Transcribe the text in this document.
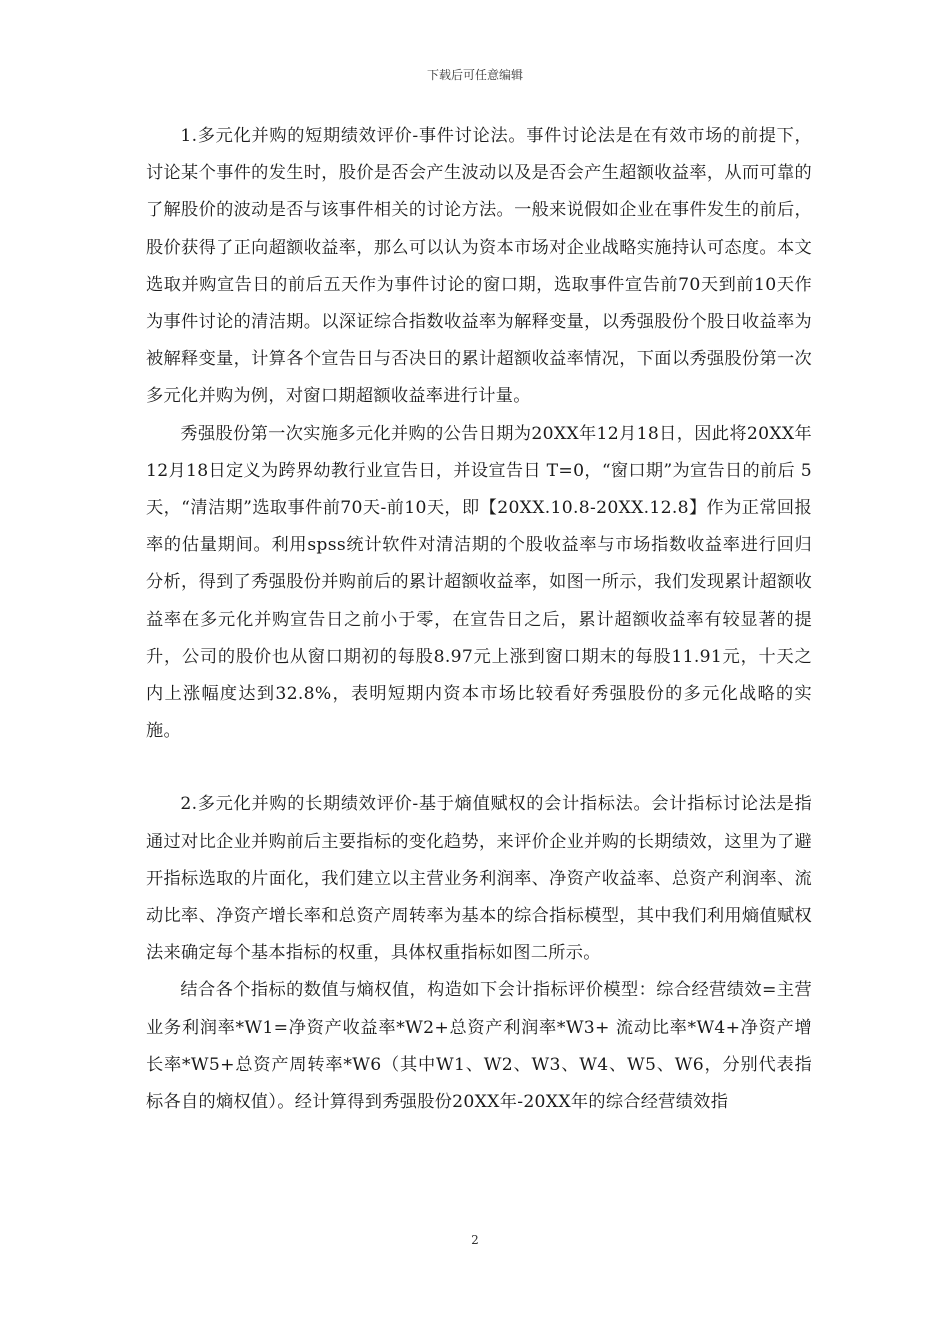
下载后可任意编辑

1.多元化并购的短期绩效评价-事件讨论法。事件讨论法是在有效市场的前提下，讨论某个事件的发生时，股价是否会产生波动以及是否会产生超额收益率，从而可靠的了解股价的波动是否与该事件相关的讨论方法。一般来说假如企业在事件发生的前后，股价获得了正向超额收益率，那么可以认为资本市场对企业战略实施持认可态度。本文选取并购宣告日的前后五天作为事件讨论的窗口期，选取事件宣告前70天到前10天作为事件讨论的清洁期。以深证综合指数收益率为解释变量，以秀强股份个股日收益率为被解释变量，计算各个宣告日与否决日的累计超额收益率情况，下面以秀强股份第一次多元化并购为例，对窗口期超额收益率进行计量。

秀强股份第一次实施多元化并购的公告日期为20XX年12月18日，因此将20XX年12月18日定义为跨界幼教行业宣告日，并设宣告日 T=0，“窗口期”为宣告日的前后 5 天，“清洁期”选取事件前70天-前10天，即【20XX.10.8-20XX.12.8】作为正常回报率的估量期间。利用spss统计软件对清洁期的个股收益率与市场指数收益率进行回归分析，得到了秀强股份并购前后的累计超额收益率，如图一所示，我们发现累计超额收益率在多元化并购宣告日之前小于零，在宣告日之后，累计超额收益率有较显著的提升，公司的股价也从窗口期初的每股8.97元上涨到窗口期末的每股11.91元，十天之内上涨幅度达到32.8%，表明短期内资本市场比较看好秀强股份的多元化战略的实施。

2.多元化并购的长期绩效评价-基于熵值赋权的会计指标法。会计指标讨论法是指通过对比企业并购前后主要指标的变化趋势，来评价企业并购的长期绩效，这里为了避开指标选取的片面化，我们建立以主营业务利润率、净资产收益率、总资产利润率、流动比率、净资产增长率和总资产周转率为基本的综合指标模型，其中我们利用熵值赋权法来确定每个基本指标的权重，具体权重指标如图二所示。

结合各个指标的数值与熵权值，构造如下会计指标评价模型：综合经营绩效=主营业务利润率*W1=净资产收益率*W2+总资产利润率*W3+ 流动比率*W4+净资产增长率*W5+总资产周转率*W6（其中W1、W2、W3、W4、W5、W6，分别代表指标各自的熵权值）。经计算得到秀强股份20XX年-20XX年的综合经营绩效指

2
